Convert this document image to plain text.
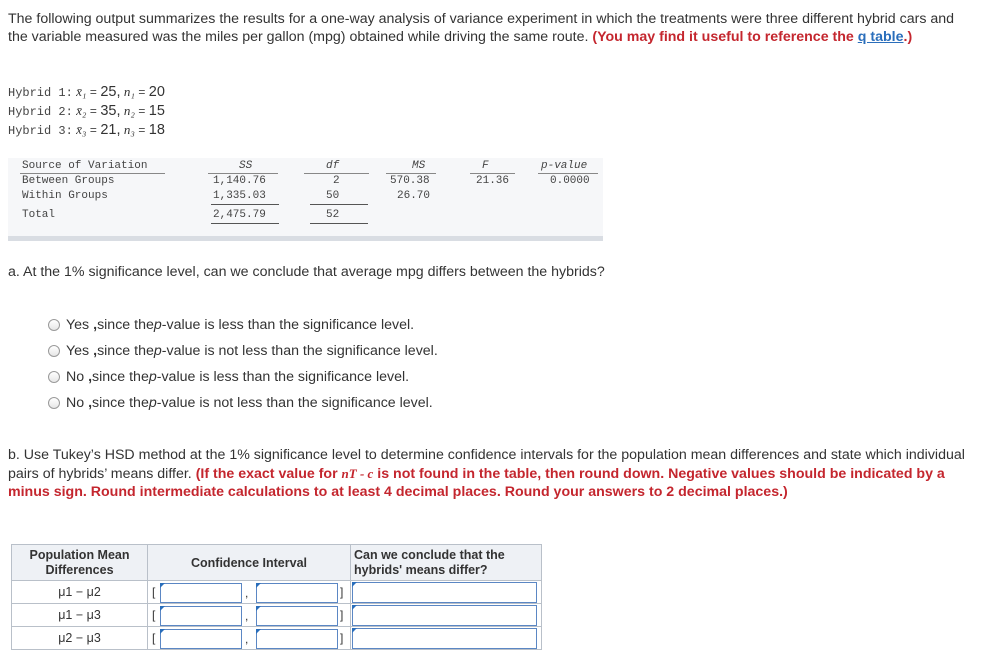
The following output summarizes the results for a one-way analysis of variance experiment in which the treatments were three different hybrid cars and the variable measured was the miles per gallon (mpg) obtained while driving the same route. (You may find it useful to reference the q table.)
Hybrid 1: x̄₁ = 25, n₁ = 20
Hybrid 2: x̄₂ = 35, n₂ = 15
Hybrid 3: x̄₃ = 21, n₃ = 18
Source of Variation	SS	df	MS	F	p-value
Between Groups	1,140.76	2	570.38	21.36	0.0000
Within Groups	1,335.03	50	26.70
Total	2,475.79	52
a. At the 1% significance level, can we conclude that average mpg differs between the hybrids?
Yes
, since the p -value is less than the significance level.
Yes
, since the p -value is not less than the significance level.
No
, since the p -value is less than the significance level.
No
, since the p -value is not less than the significance level.
b. Use Tukey’s HSD method at the 1% significance level to determine confidence intervals for the population mean differences and state which individual pairs of hybrids’ means differ. (If the exact value for nT - c is not found in the table, then round down. Negative values should be indicated by a minus sign. Round intermediate calculations to at least 4 decimal places. Round your answers to 2 decimal places.)
Population Mean Differences	Confidence Interval	Can we conclude that the hybrids' means differ?
μ1 − μ2	[ , ]	

μ1 − μ3	[ , ]	

μ2 − μ3	[ , ]	
